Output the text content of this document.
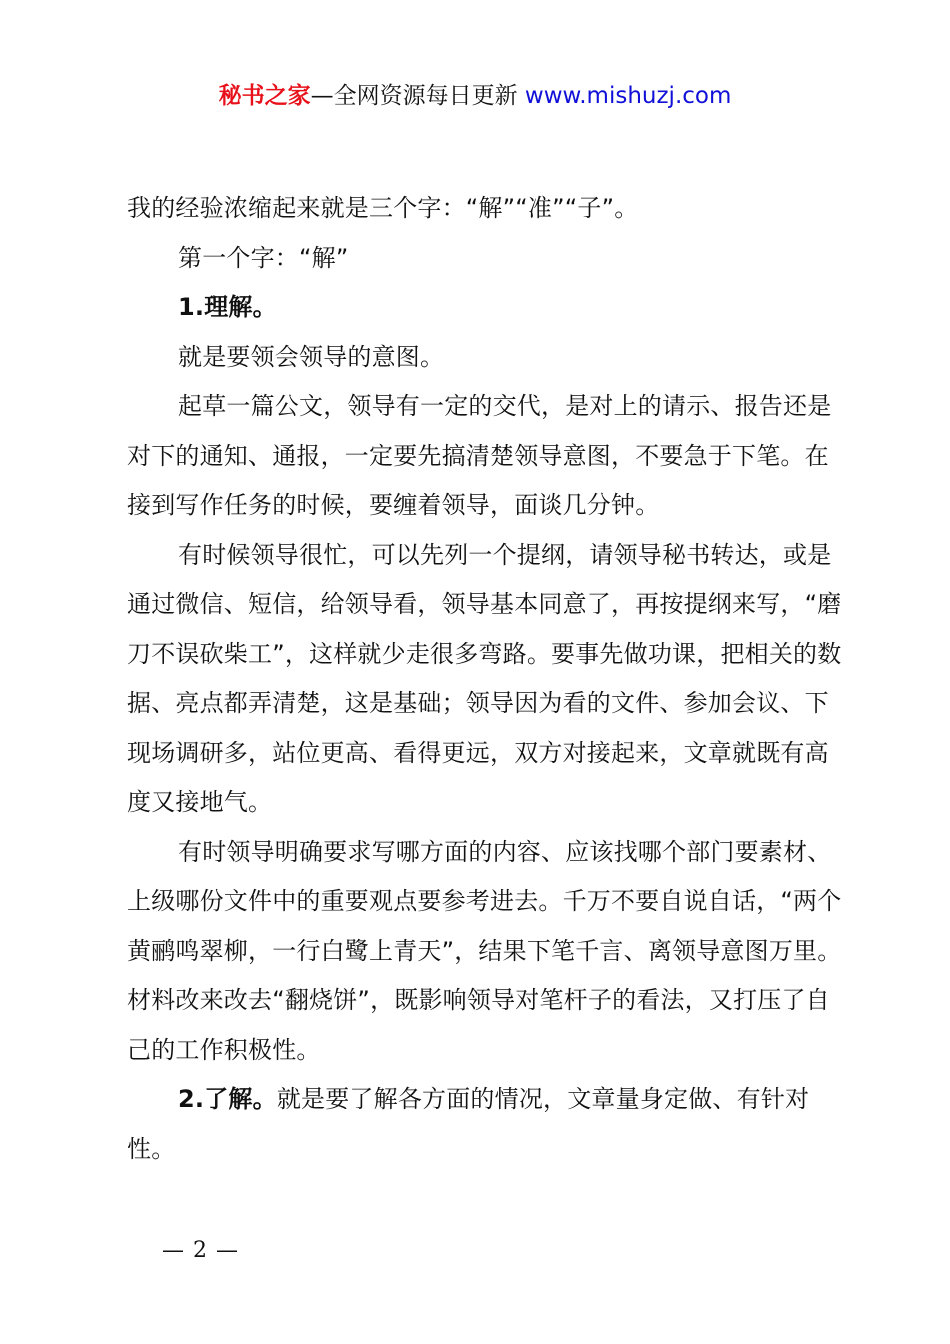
秘书之家—全网资源每日更新 www.mishuzj.com

我的经验浓缩起来就是三个字：“解”“准”“子”。

第一个字：“解”

1.理解。

就是要领会领导的意图。

起草一篇公文，领导有一定的交代，是对上的请示、报告还是对下的通知、通报，一定要先搞清楚领导意图，不要急于下笔。在接到写作任务的时候，要缠着领导，面谈几分钟。

有时候领导很忙，可以先列一个提纲，请领导秘书转达，或是通过微信、短信，给领导看，领导基本同意了，再按提纲来写，“磨刀不误砍柴工”，这样就少走很多弯路。要事先做功课，把相关的数据、亮点都弄清楚，这是基础；领导因为看的文件、参加会议、下现场调研多，站位更高、看得更远，双方对接起来，文章就既有高度又接地气。

有时领导明确要求写哪方面的内容、应该找哪个部门要素材、上级哪份文件中的重要观点要参考进去。千万不要自说自话，“两个黄鹂鸣翠柳，一行白鹭上青天”，结果下笔千言、离领导意图万里。材料改来改去“翻烧饼”，既影响领导对笔杆子的看法，又打压了自己的工作积极性。

2.了解。就是要了解各方面的情况，文章量身定做、有针对性。

— 2 —
